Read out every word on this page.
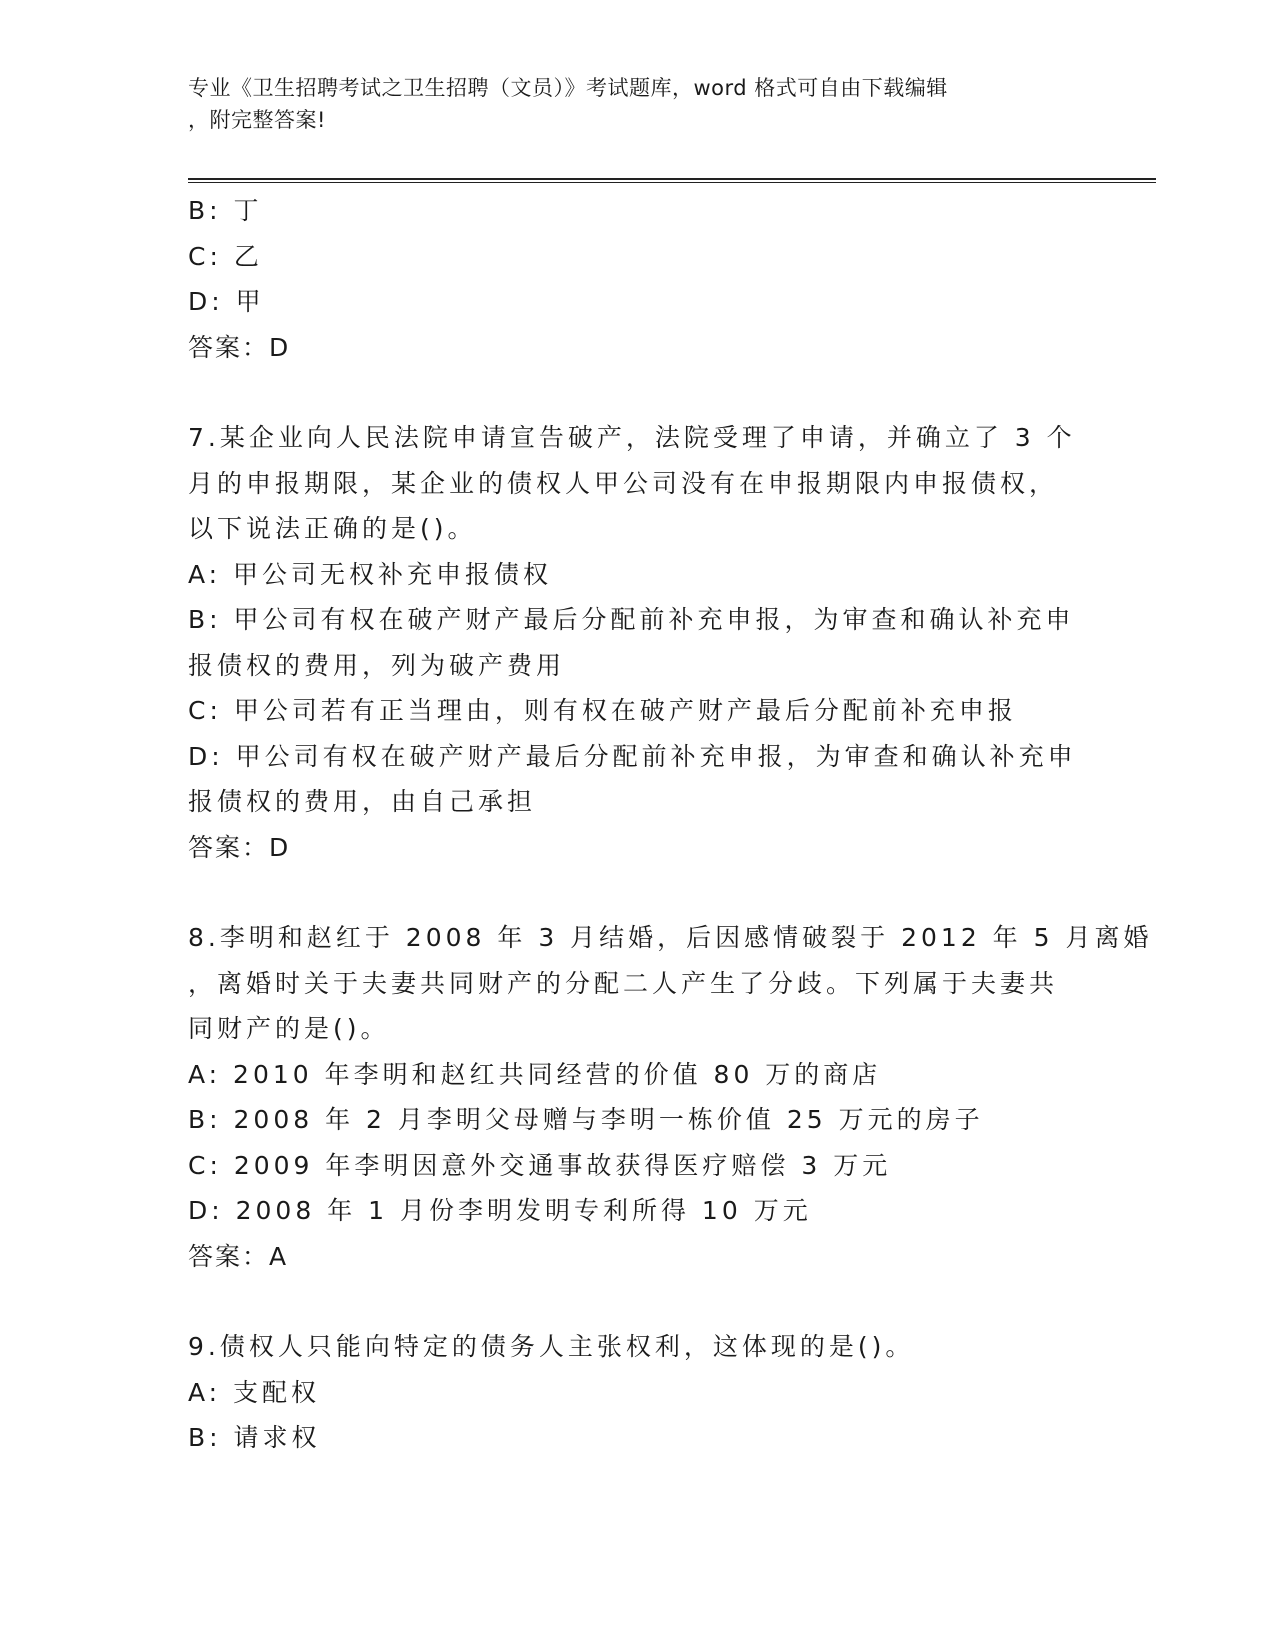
专业《卫生招聘考试之卫生招聘（文员）》考试题库，word 格式可自由下载编辑
，附完整答案!
B: 丁
C: 乙
D: 甲
答案：D
7.某企业向人民法院申请宣告破产，法院受理了申请，并确立了 3 个
月的申报期限，某企业的债权人甲公司没有在申报期限内申报债权，
以下说法正确的是()。
A: 甲公司无权补充申报债权
B: 甲公司有权在破产财产最后分配前补充申报，为审查和确认补充申
报债权的费用，列为破产费用
C: 甲公司若有正当理由，则有权在破产财产最后分配前补充申报
D: 甲公司有权在破产财产最后分配前补充申报，为审查和确认补充申
报债权的费用，由自己承担
答案：D
8.李明和赵红于 2008 年 3 月结婚，后因感情破裂于 2012 年 5 月离婚
，离婚时关于夫妻共同财产的分配二人产生了分歧。下列属于夫妻共
同财产的是()。
A: 2010 年李明和赵红共同经营的价值 80 万的商店
B: 2008 年 2 月李明父母赠与李明一栋价值 25 万元的房子
C: 2009 年李明因意外交通事故获得医疗赔偿 3 万元
D: 2008 年 1 月份李明发明专利所得 10 万元
答案：A
9.债权人只能向特定的债务人主张权利，这体现的是()。
A: 支配权
B: 请求权
